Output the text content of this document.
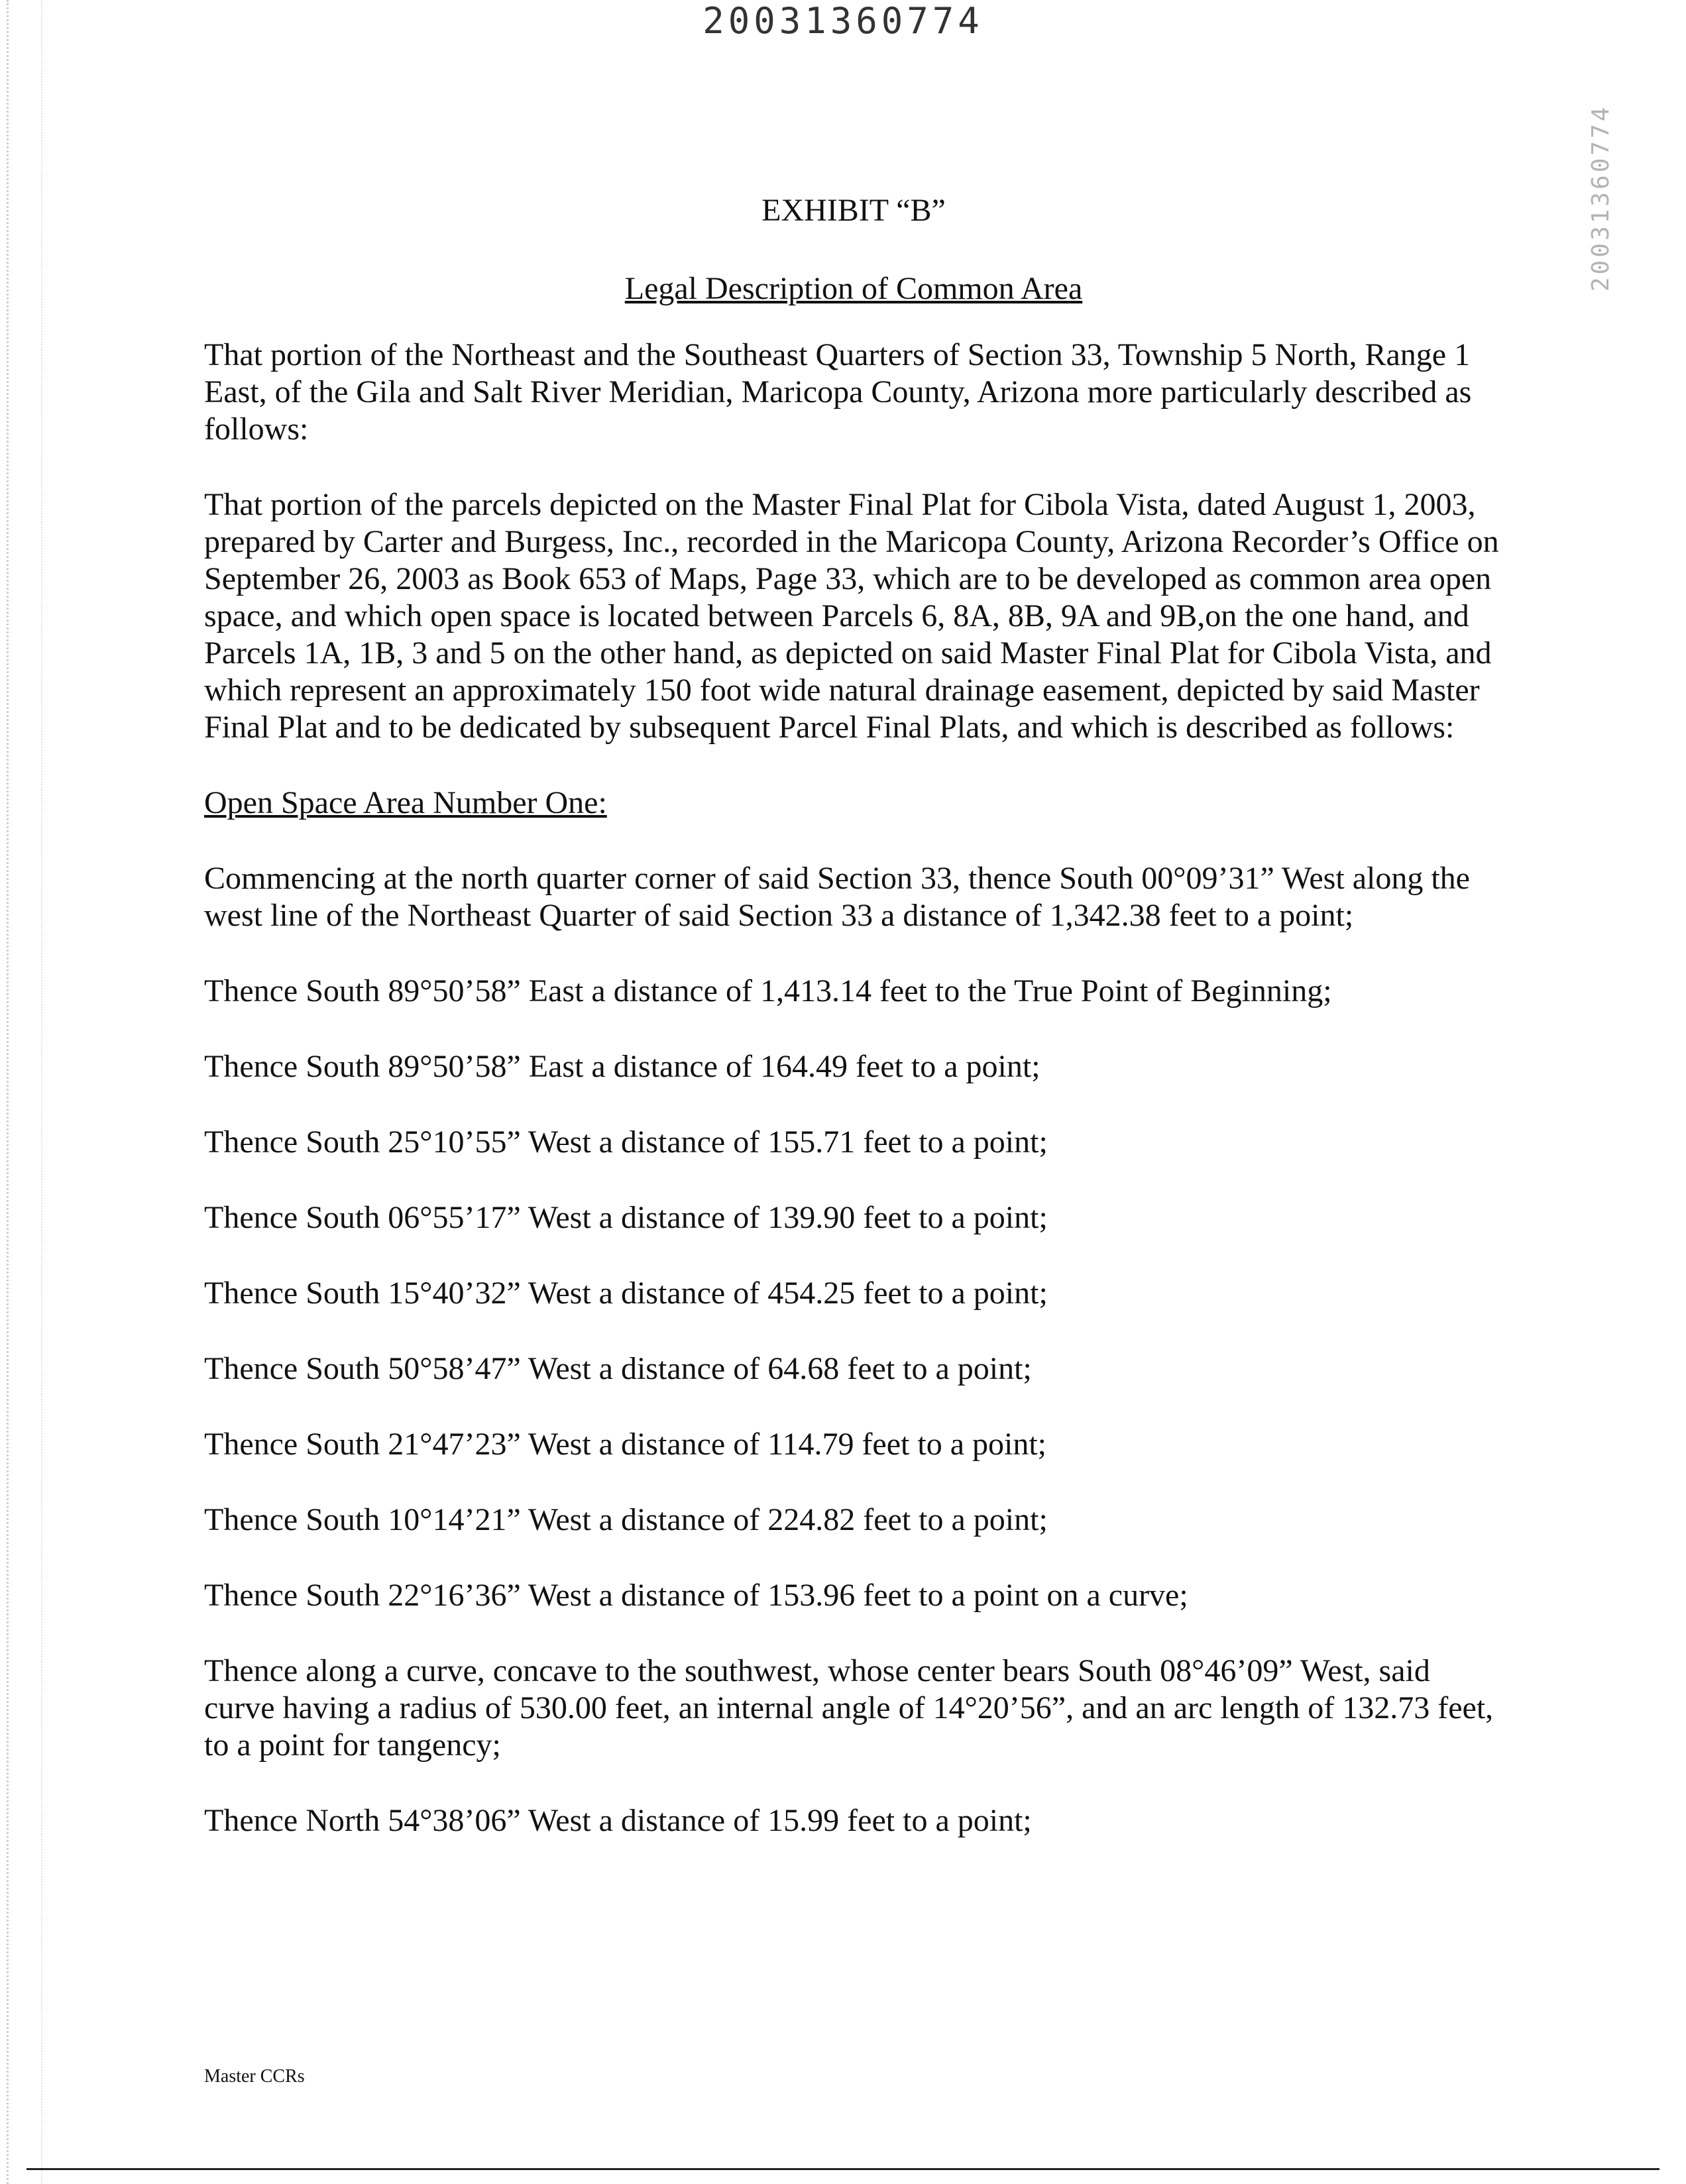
20031360774
20031360774
EXHIBIT “B”
Legal Description of Common Area

That portion of the Northeast and the Southeast Quarters of Section 33, Township 5 North, Range 1 East, of the Gila and Salt River Meridian, Maricopa County, Arizona more particularly described as follows:

That portion of the parcels depicted on the Master Final Plat for Cibola Vista, dated August 1, 2003, prepared by Carter and Burgess, Inc., recorded in the Maricopa County, Arizona Recorder’s Office on September 26, 2003 as Book 653 of Maps, Page 33, which are to be developed as common area open space, and which open space is located between Parcels 6, 8A, 8B, 9A and 9B,on the one hand, and Parcels 1A, 1B, 3 and 5 on the other hand, as depicted on said Master Final Plat for Cibola Vista, and which represent an approximately 150 foot wide natural drainage easement, depicted by said Master Final Plat and to be dedicated by subsequent Parcel Final Plats, and which is described as follows:

Open Space Area Number One:

Commencing at the north quarter corner of said Section 33, thence South 00°09’31” West along the west line of the Northeast Quarter of said Section 33 a distance of 1,342.38 feet to a point;

Thence South 89°50’58” East a distance of 1,413.14 feet to the True Point of Beginning;

Thence South 89°50’58” East a distance of 164.49 feet to a point;

Thence South 25°10’55” West a distance of 155.71 feet to a point;

Thence South 06°55’17” West a distance of 139.90 feet to a point;

Thence South 15°40’32” West a distance of 454.25 feet to a point;

Thence South 50°58’47” West a distance of 64.68 feet to a point;

Thence South 21°47’23” West a distance of 114.79 feet to a point;

Thence South 10°14’21” West a distance of 224.82 feet to a point;

Thence South 22°16’36” West a distance of 153.96 feet to a point on a curve;

Thence along a curve, concave to the southwest, whose center bears South 08°46’09” West, said curve having a radius of 530.00 feet, an internal angle of 14°20’56”, and an arc length of 132.73 feet, to a point for tangency;

Thence North 54°38’06” West a distance of 15.99 feet to a point;

Master CCRs
